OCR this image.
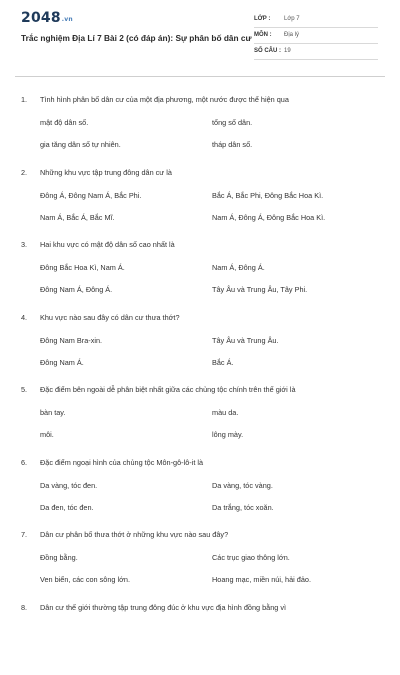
2048.vn
Trắc nghiệm Địa Lí 7 Bài 2 (có đáp án): Sự phân bố dân cư
LỚP : Lớp 7
MÔN : Địa lý
SỐ CÂU : 19
1. Tình hình phân bố dân cư của một địa phương, một nước được thể hiện qua
mật độ dân số.	tổng số dân.
gia tăng dân số tự nhiên.	tháp dân số.
2. Những khu vực tập trung đông dân cư là
Đông Á, Đông Nam Á, Bắc Phi.	Bắc Á, Bắc Phi, Đông Bắc Hoa Kì.
Nam Á, Bắc Á, Bắc Mĩ.	Nam Á, Đông Á, Đông Bắc Hoa Kì.
3. Hai khu vực có mật độ dân số cao nhất là
Đông Bắc Hoa Kì, Nam Á.	Nam Á, Đông Á.
Đông Nam Á, Đông Á.	Tây Âu và Trung Âu, Tây Phi.
4. Khu vực nào sau đây có dân cư thưa thớt?
Đông Nam Bra-xin.	Tây Âu và Trung Âu.
Đông Nam Á.	Bắc Á.
5. Đặc điểm bên ngoài dễ phân biệt nhất giữa các chủng tộc chính trên thế giới là
bàn tay.	màu da.
môi.	lông mày.
6. Đặc điểm ngoại hình của chủng tộc Môn-gô-lô-it là
Da vàng, tóc đen.	Da vàng, tóc vàng.
Da đen, tóc đen.	Da trắng, tóc xoăn.
7. Dân cư phân bố thưa thớt ở những khu vực nào sau đây?
Đồng bằng.	Các trục giao thông lớn.
Ven biển, các con sông lớn.	Hoang mạc, miền núi, hải đảo.
8. Dân cư thế giới thường tập trung đông đúc ở khu vực địa hình đồng bằng vì
